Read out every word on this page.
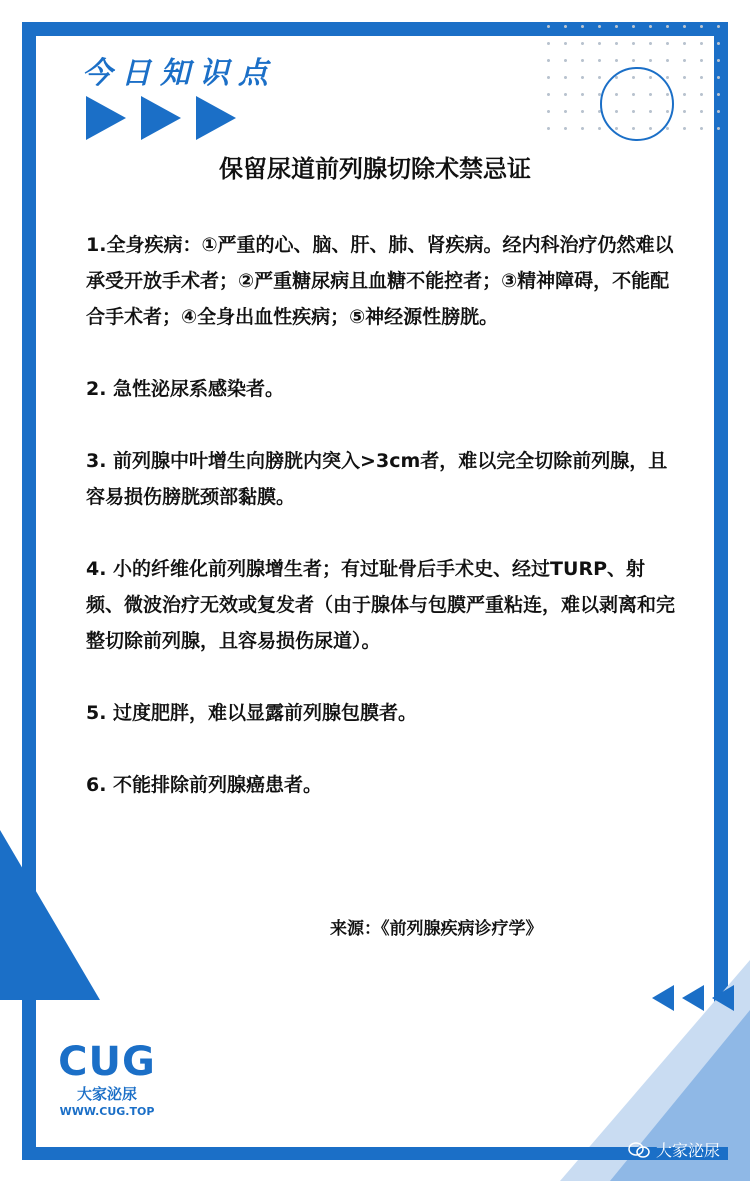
今日知识点
保留尿道前列腺切除术禁忌证

1.全身疾病：①严重的心、脑、肝、肺、肾疾病。经内科治疗仍然难以承受开放手术者；②严重糖尿病且血糖不能控者；③精神障碍，不能配合手术者；④全身出血性疾病；⑤神经源性膀胱。

2. 急性泌尿系感染者。

3. 前列腺中叶增生向膀胱内突入>3cm者，难以完全切除前列腺，且容易损伤膀胱颈部黏膜。

4. 小的纤维化前列腺增生者；有过耻骨后手术史、经过TURP、射频、微波治疗无效或复发者（由于腺体与包膜严重粘连，难以剥离和完整切除前列腺，且容易损伤尿道）。

5. 过度肥胖，难以显露前列腺包膜者。

6. 不能排除前列腺癌患者。

来源：《前列腺疾病诊疗学》
CUG
大家泌尿
WWW.CUG.TOP
大家泌尿
